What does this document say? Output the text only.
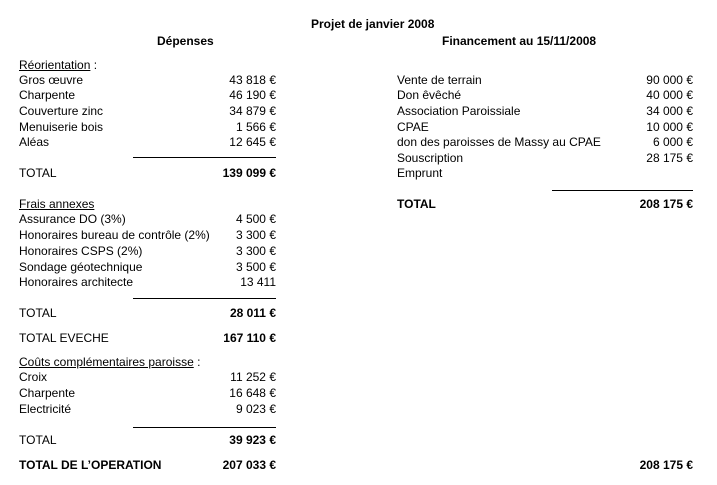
Projet de janvier 2008
Dépenses	Financement au 15/11/2008
Réorientation :
Gros œuvre	43 818 €
Charpente	46 190 €
Couverture zinc	34 879 €
Menuiserie bois	1 566 €
Aléas	12 645 €
TOTAL	139 099 €
Frais annexes
Assurance DO (3%)	4 500 €
Honoraires bureau de contrôle (2%)	3 300 €
Honoraires CSPS (2%)	3 300 €
Sondage géotechnique	3 500 €
Honoraires architecte	13 411
TOTAL	28 011 €
TOTAL EVECHE	167 110 €
Coûts complémentaires paroisse :
Croix	11 252 €
Charpente	16 648 €
Electricité	9 023 €
TOTAL	39 923 €
TOTAL DE L’OPERATION	207 033 €
Vente de terrain	90 000 €
Don êvêché	40 000 €
Association Paroissiale	34 000 €
CPAE	10 000 €
don des paroisses de Massy au CPAE	6 000 €
Souscription	28 175 €
Emprunt
TOTAL	208 175 €
208 175 €
